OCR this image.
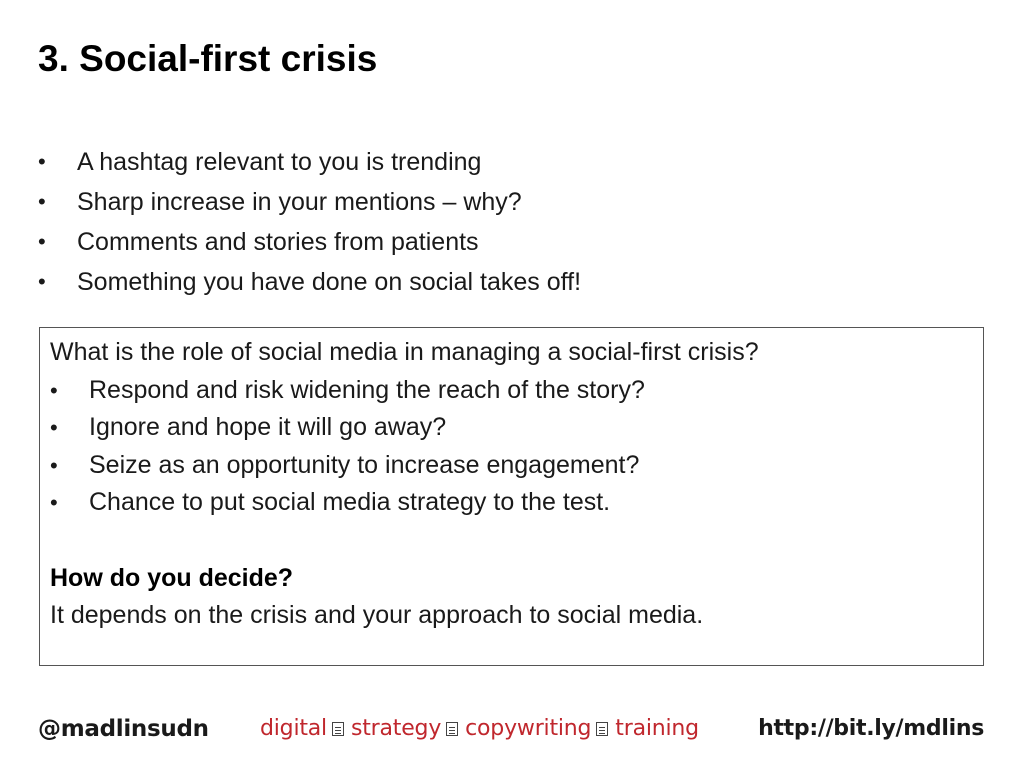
3. Social-first crisis
• A hashtag relevant to you is trending
• Sharp increase in your mentions – why?
• Comments and stories from patients
• Something you have done on social takes off!
What is the role of social media in managing a social-first crisis?
• Respond and risk widening the reach of the story?
• Ignore and hope it will go away?
• Seize as an opportunity to increase engagement?
• Chance to put social media strategy to the test.
How do you decide?
It depends on the crisis and your approach to social media.
@madlinsudn digital strategy copywriting training	http://bit.ly/mdlins
